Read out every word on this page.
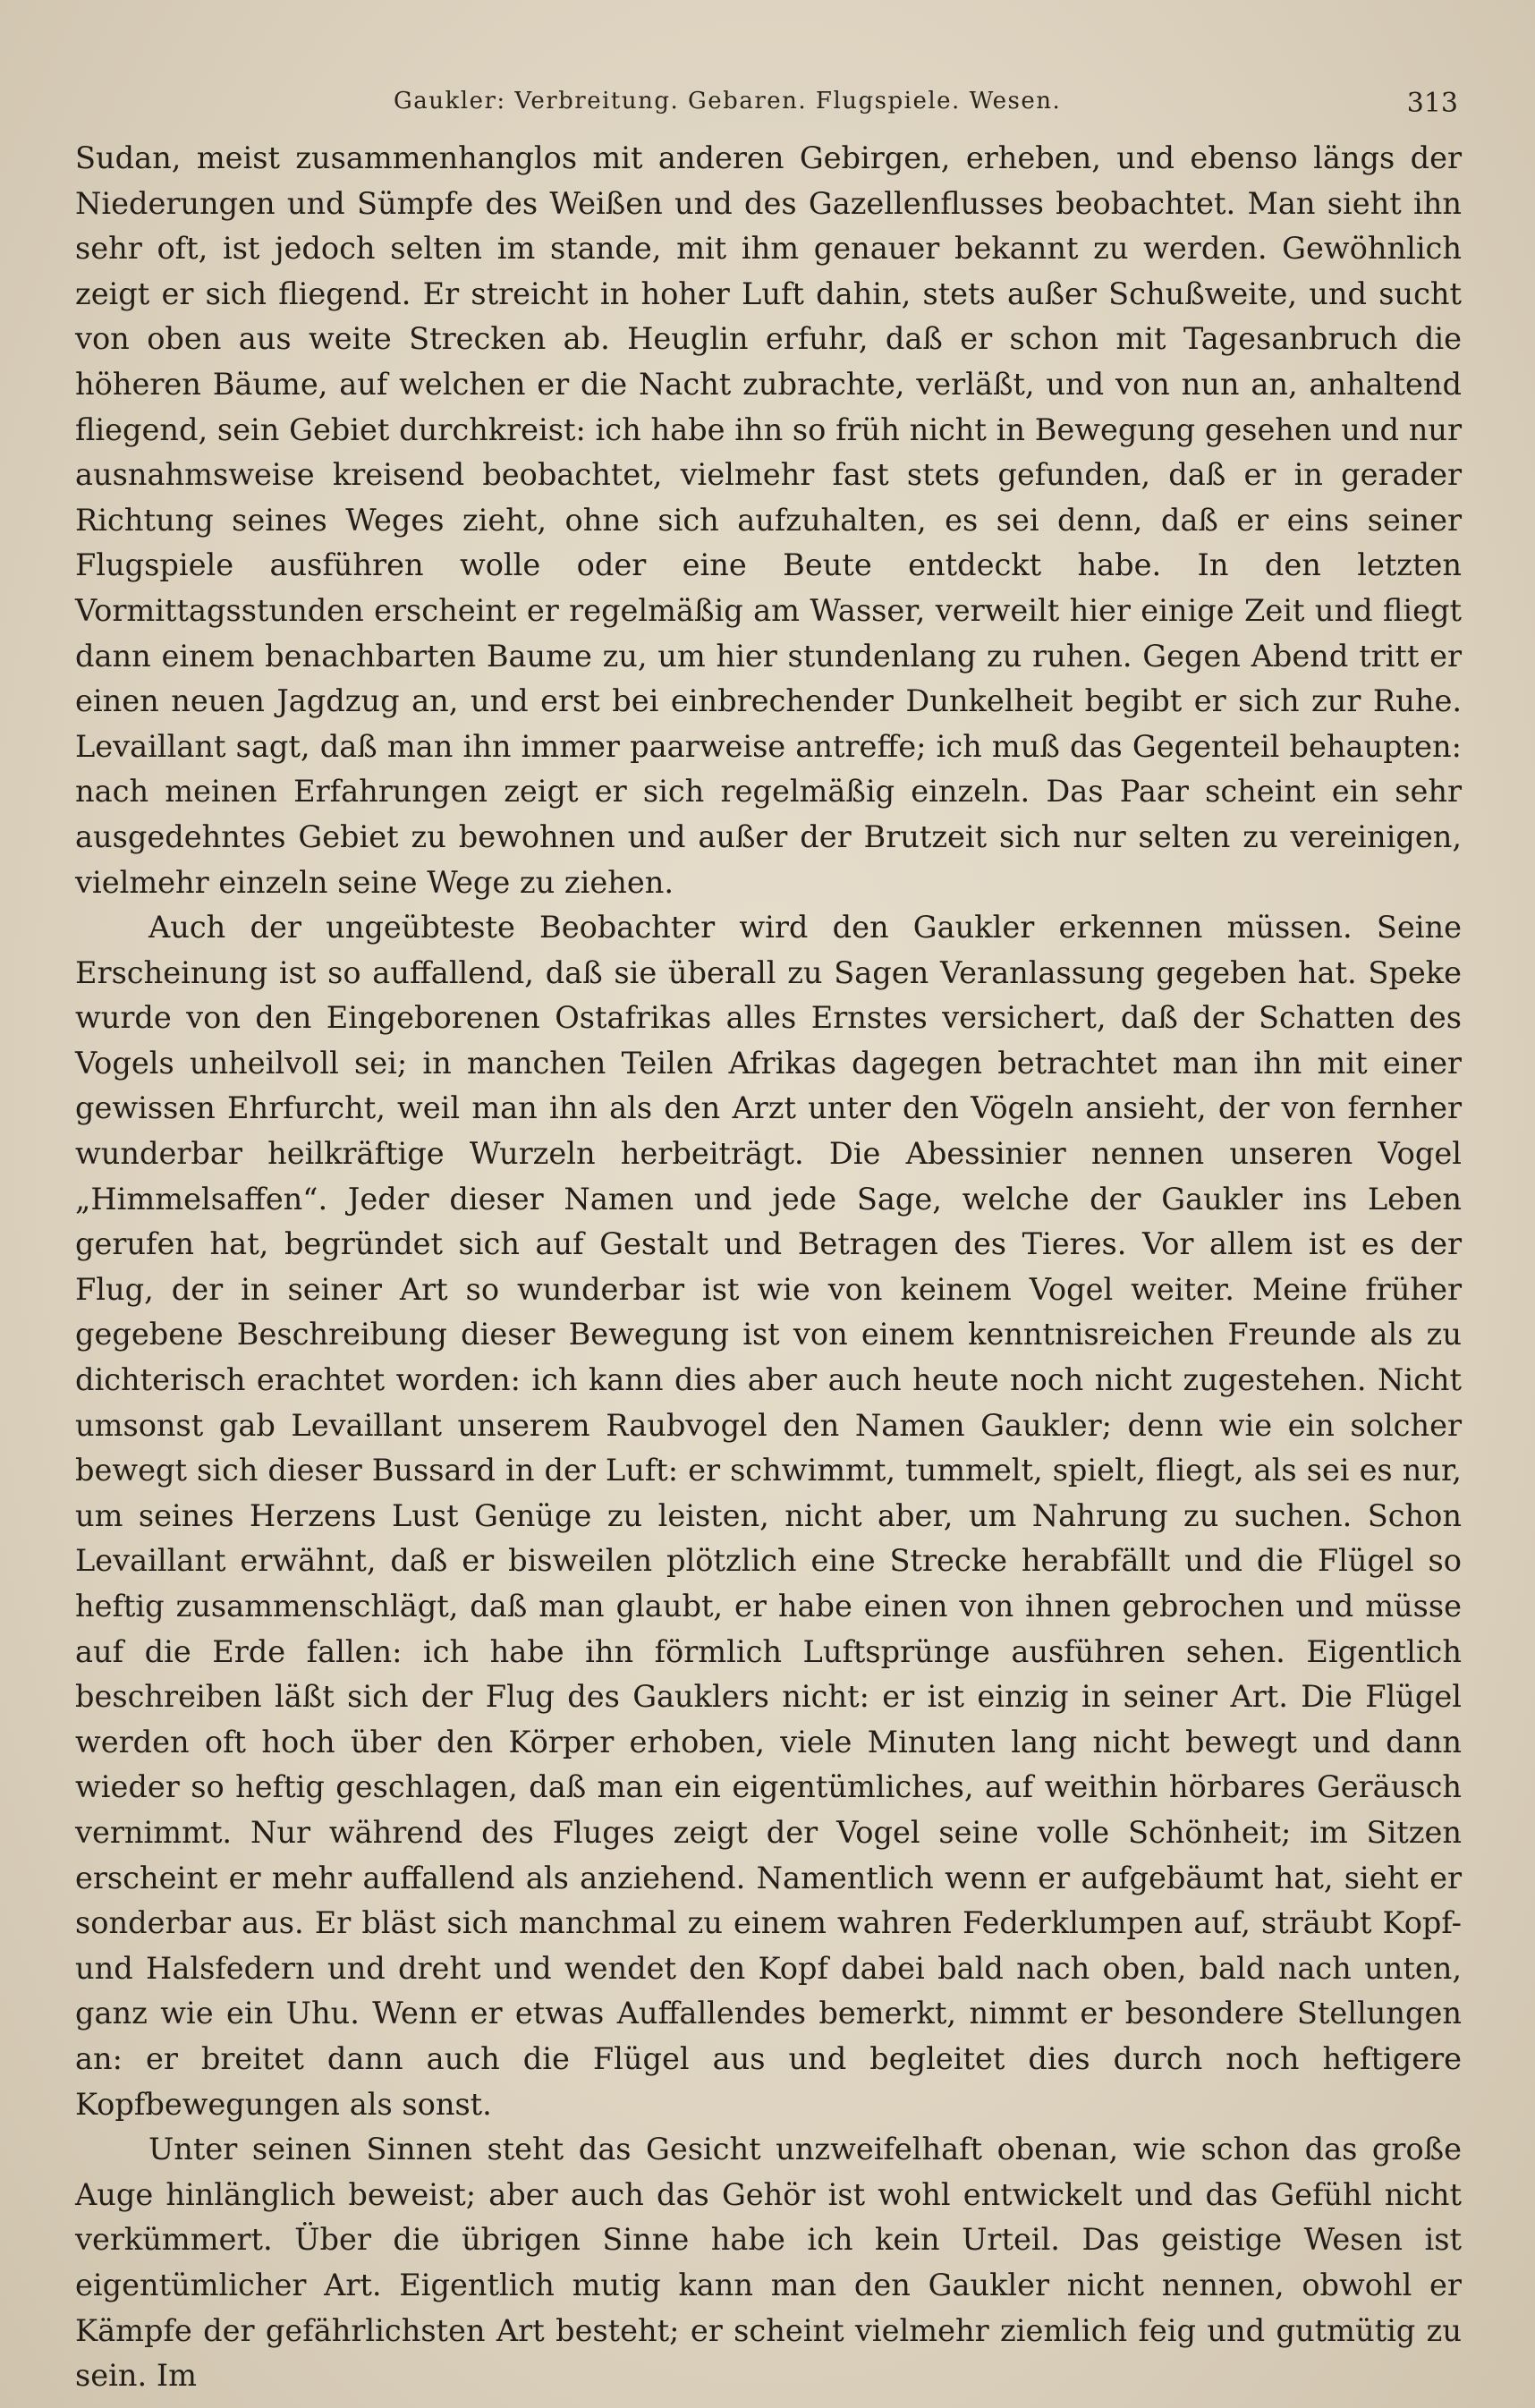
Gaukler: Verbreitung. Gebaren. Flugspiele. Wesen.	313

Sudan, meist zusammenhanglos mit anderen Gebirgen, erheben, und ebenso längs der Niederungen und Sümpfe des Weißen und des Gazellenflusses beobachtet. Man sieht ihn sehr oft, ist jedoch selten im stande, mit ihm genauer bekannt zu werden. Gewöhnlich zeigt er sich fliegend. Er streicht in hoher Luft dahin, stets außer Schußweite, und sucht von oben aus weite Strecken ab. Heuglin erfuhr, daß er schon mit Tagesanbruch die höheren Bäume, auf welchen er die Nacht zubrachte, verläßt, und von nun an, anhaltend fliegend, sein Gebiet durchkreist: ich habe ihn so früh nicht in Bewegung gesehen und nur ausnahmsweise kreisend beobachtet, vielmehr fast stets gefunden, daß er in gerader Richtung seines Weges zieht, ohne sich aufzuhalten, es sei denn, daß er eins seiner Flugspiele ausführen wolle oder eine Beute entdeckt habe. In den letzten Vormittagsstunden erscheint er regelmäßig am Wasser, verweilt hier einige Zeit und fliegt dann einem benachbarten Baume zu, um hier stundenlang zu ruhen. Gegen Abend tritt er einen neuen Jagdzug an, und erst bei einbrechender Dunkelheit begibt er sich zur Ruhe. Levaillant sagt, daß man ihn immer paarweise antreffe; ich muß das Gegenteil behaupten: nach meinen Erfahrungen zeigt er sich regelmäßig einzeln. Das Paar scheint ein sehr ausgedehntes Gebiet zu bewohnen und außer der Brutzeit sich nur selten zu vereinigen, vielmehr einzeln seine Wege zu ziehen.

Auch der ungeübteste Beobachter wird den Gaukler erkennen müssen. Seine Erscheinung ist so auffallend, daß sie überall zu Sagen Veranlassung gegeben hat. Speke wurde von den Eingeborenen Ostafrikas alles Ernstes versichert, daß der Schatten des Vogels unheilvoll sei; in manchen Teilen Afrikas dagegen betrachtet man ihn mit einer gewissen Ehrfurcht, weil man ihn als den Arzt unter den Vögeln ansieht, der von fernher wunderbar heilkräftige Wurzeln herbeiträgt. Die Abessinier nennen unseren Vogel „Himmelsaffen“. Jeder dieser Namen und jede Sage, welche der Gaukler ins Leben gerufen hat, begründet sich auf Gestalt und Betragen des Tieres. Vor allem ist es der Flug, der in seiner Art so wunderbar ist wie von keinem Vogel weiter. Meine früher gegebene Beschreibung dieser Bewegung ist von einem kenntnisreichen Freunde als zu dichterisch erachtet worden: ich kann dies aber auch heute noch nicht zugestehen. Nicht umsonst gab Levaillant unserem Raubvogel den Namen Gaukler; denn wie ein solcher bewegt sich dieser Bussard in der Luft: er schwimmt, tummelt, spielt, fliegt, als sei es nur, um seines Herzens Lust Genüge zu leisten, nicht aber, um Nahrung zu suchen. Schon Levaillant erwähnt, daß er bisweilen plötzlich eine Strecke herabfällt und die Flügel so heftig zusammenschlägt, daß man glaubt, er habe einen von ihnen gebrochen und müsse auf die Erde fallen: ich habe ihn förmlich Luftsprünge ausführen sehen. Eigentlich beschreiben läßt sich der Flug des Gauklers nicht: er ist einzig in seiner Art. Die Flügel werden oft hoch über den Körper erhoben, viele Minuten lang nicht bewegt und dann wieder so heftig geschlagen, daß man ein eigentümliches, auf weithin hörbares Geräusch vernimmt. Nur während des Fluges zeigt der Vogel seine volle Schönheit; im Sitzen erscheint er mehr auffallend als anziehend. Namentlich wenn er aufgebäumt hat, sieht er sonderbar aus. Er bläst sich manchmal zu einem wahren Federklumpen auf, sträubt Kopf- und Halsfedern und dreht und wendet den Kopf dabei bald nach oben, bald nach unten, ganz wie ein Uhu. Wenn er etwas Auffallendes bemerkt, nimmt er besondere Stellungen an: er breitet dann auch die Flügel aus und begleitet dies durch noch heftigere Kopfbewegungen als sonst.

Unter seinen Sinnen steht das Gesicht unzweifelhaft obenan, wie schon das große Auge hinlänglich beweist; aber auch das Gehör ist wohl entwickelt und das Gefühl nicht verkümmert. Über die übrigen Sinne habe ich kein Urteil. Das geistige Wesen ist eigentümlicher Art. Eigentlich mutig kann man den Gaukler nicht nennen, obwohl er Kämpfe der gefährlichsten Art besteht; er scheint vielmehr ziemlich feig und gutmütig zu sein. Im
